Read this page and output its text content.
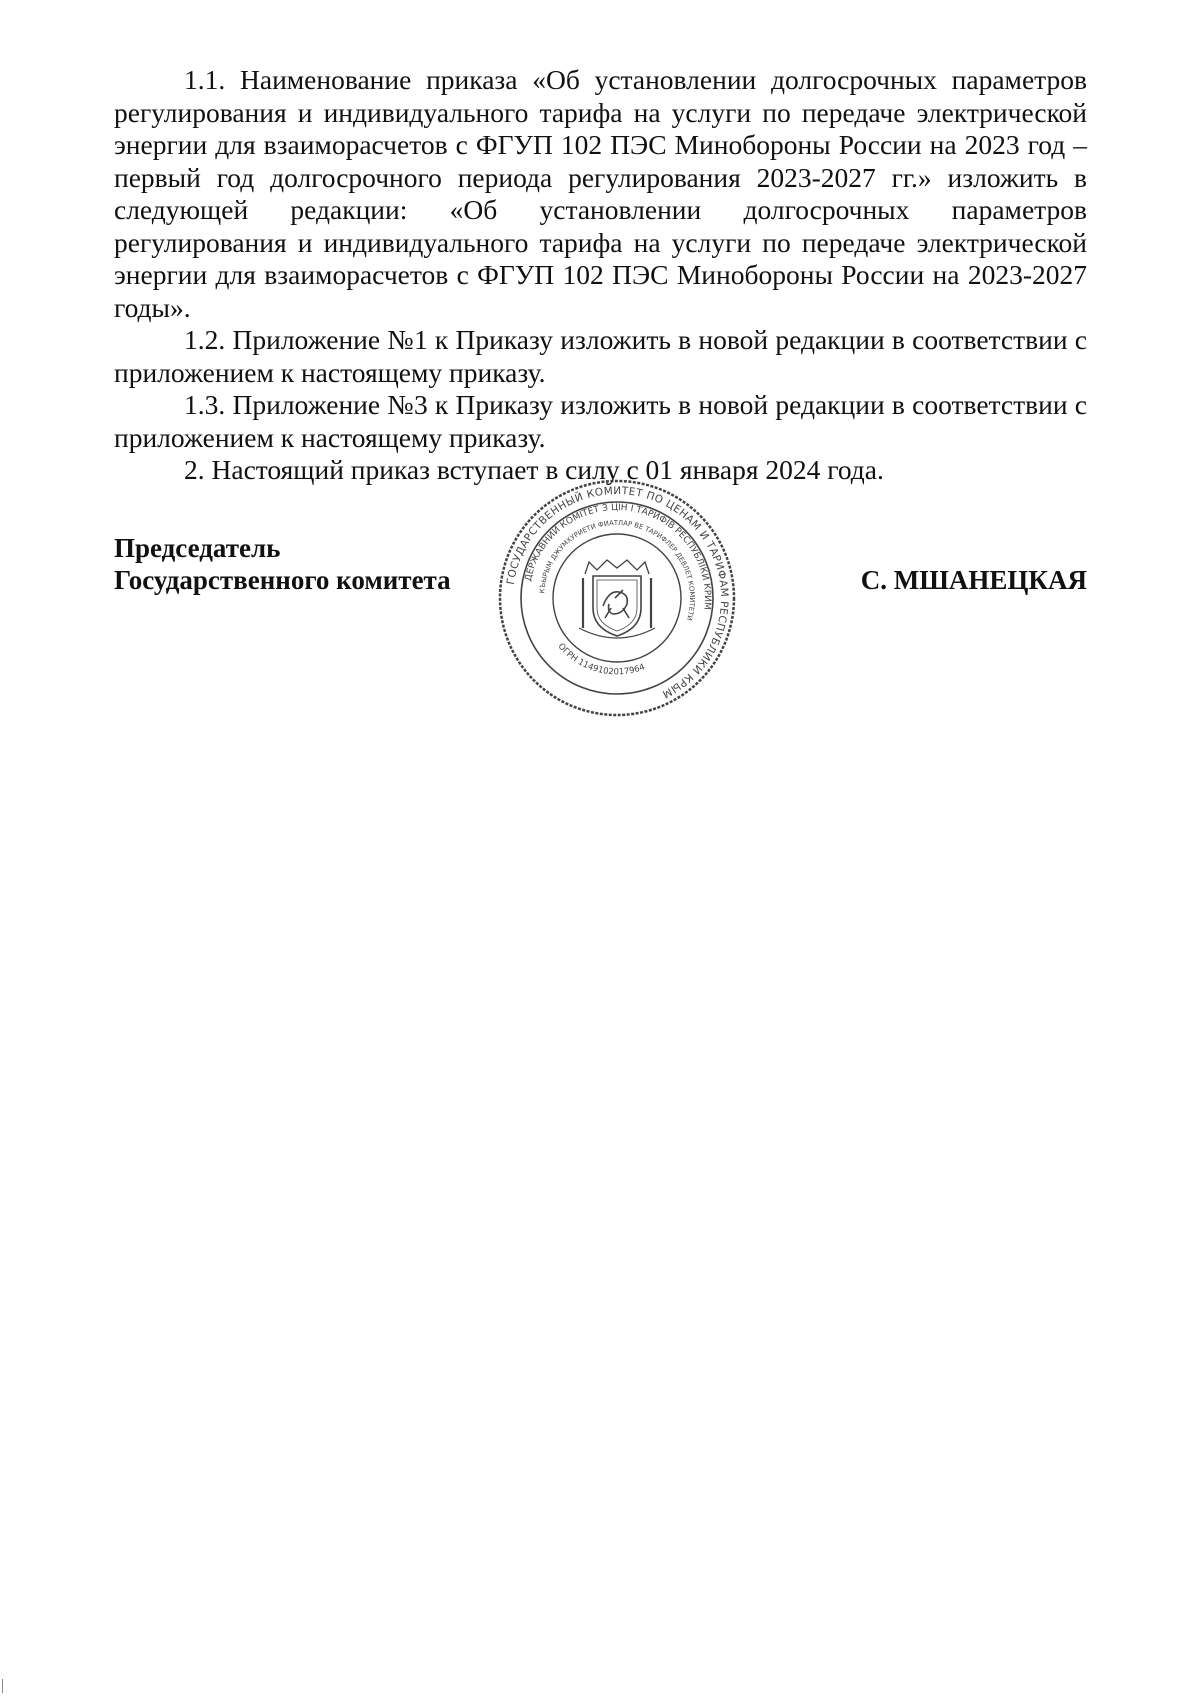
1.1. Наименование приказа «Об установлении долгосрочных параметров регулирования и индивидуального тарифа на услуги по передаче электрической энергии для взаиморасчетов с ФГУП 102 ПЭС Минобороны России на 2023 год – первый год долгосрочного периода регулирования 2023-2027 гг.» изложить в следующей редакции: «Об установлении долгосрочных параметров регулирования и индивидуального тарифа на услуги по передаче электрической энергии для взаиморасчетов с ФГУП 102 ПЭС Минобороны России на 2023-2027 годы».

1.2. Приложение №1 к Приказу изложить в новой редакции в соответствии с приложением к настоящему приказу.

1.3. Приложение №3 к Приказу изложить в новой редакции в соответствии с приложением к настоящему приказу.

2. Настоящий приказ вступает в силу с 01 января 2024 года.

Председатель
Государственного комитета	ГОСУДАРСТВЕННЫЙ КОМИТЕТ ПО ЦЕНАМ И ТАРИФАМ РЕСПУБЛИКИ КРЫМ
ДЕРЖАВНИЙ КОМІТЕТ З ЦІН І ТАРИФІВ РЕСПУБЛІКИ КРИМ
КЪЫРЫМ ДЖУМХУРИЕТИ ФИАТЛАР ВЕ ТАРИФЛЕР ДЕВЛЕТ КОМИТЕТИ
ОГРН 1149102017964
С. МШАНЕЦКАЯ
